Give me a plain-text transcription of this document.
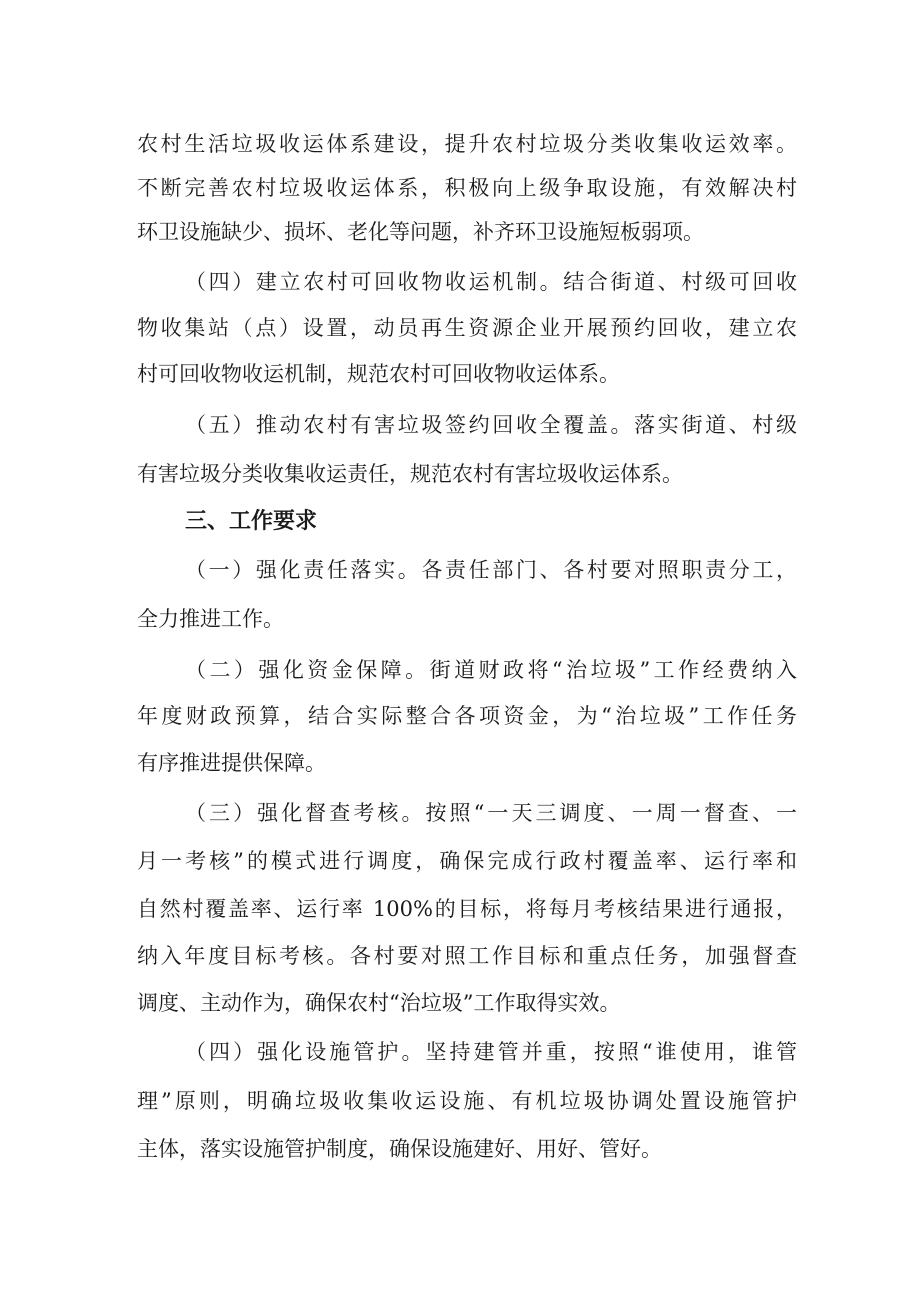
农村生活垃圾收运体系建设，提升农村垃圾分类收集收运效率。
不断完善农村垃圾收运体系，积极向上级争取设施，有效解决村
环卫设施缺少、损坏、老化等问题，补齐环卫设施短板弱项。
（四）建立农村可回收物收运机制。结合街道、村级可回收
物收集站（点）设置，动员再生资源企业开展预约回收，建立农
村可回收物收运机制，规范农村可回收物收运体系。
（五）推动农村有害垃圾签约回收全覆盖。落实街道、村级
有害垃圾分类收集收运责任，规范农村有害垃圾收运体系。
三、工作要求
（一）强化责任落实。各责任部门、各村要对照职责分工，
全力推进工作。
（二）强化资金保障。街道财政将“治垃圾”工作经费纳入
年度财政预算，结合实际整合各项资金，为“治垃圾”工作任务
有序推进提供保障。
（三）强化督查考核。按照“一天三调度、一周一督查、一
月一考核”的模式进行调度，确保完成行政村覆盖率、运行率和
自然村覆盖率、运行率 100%的目标，将每月考核结果进行通报，
纳入年度目标考核。各村要对照工作目标和重点任务，加强督查
调度、主动作为，确保农村“治垃圾”工作取得实效。
（四）强化设施管护。坚持建管并重，按照“谁使用，谁管
理”原则，明确垃圾收集收运设施、有机垃圾协调处置设施管护
主体，落实设施管护制度，确保设施建好、用好、管好。
